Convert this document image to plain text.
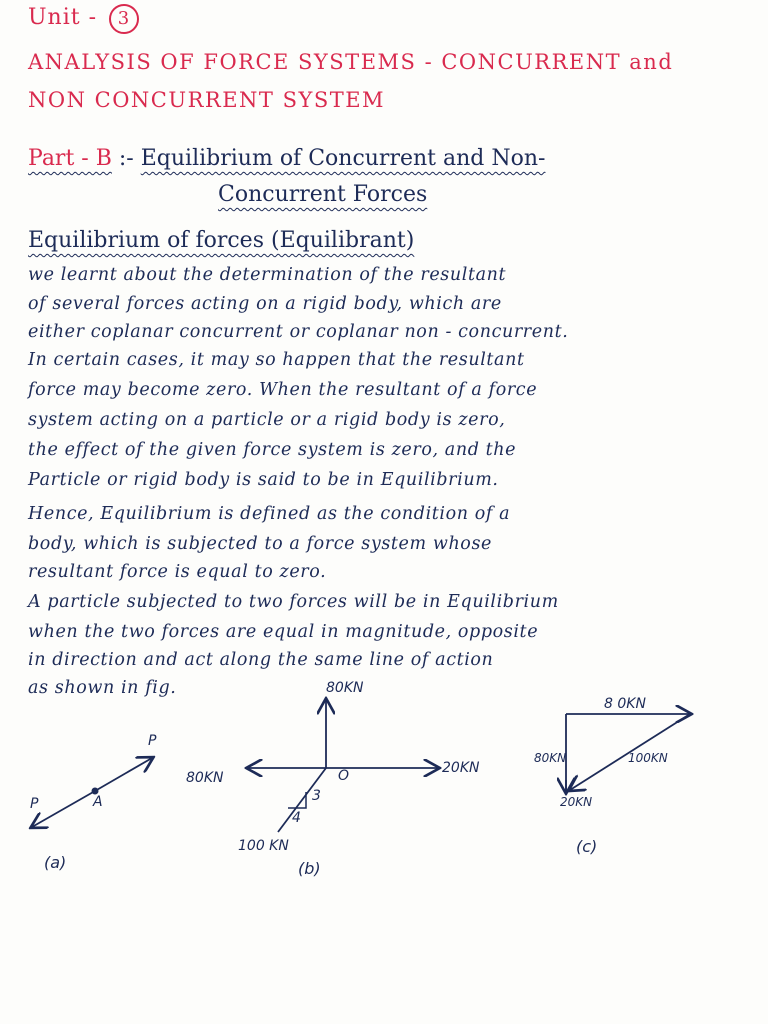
Unit - 3
ANALYSIS OF FORCE SYSTEMS - CONCURRENT and
NON CONCURRENT SYSTEM
Part - B :- Equilibrium of Concurrent and Non-
Concurrent Forces
Equilibrium of forces (Equilibrant)
we learnt about the determination of the resultant
of several forces acting on a rigid body, which are
either coplanar concurrent or coplanar non - concurrent.
In certain cases, it may so happen that the resultant
force may become zero. When the resultant of a force
system acting on a particle or a rigid body is zero,
the effect of the given force system is zero, and the
Particle or rigid body is said to be in Equilibrium.
Hence, Equilibrium is defined as the condition of a
body, which is subjected to a force system whose
resultant force is equal to zero.
A particle subjected to two forces will be in Equilibrium
when the two forces are equal in magnitude, opposite
in direction and act along the same line of action
as shown in fig.
P
P	A
(a)
80KN
80KN
20KN
100 KN
O
3
4
(b)
8 0KN
80KN	100KN
20KN
(c)
